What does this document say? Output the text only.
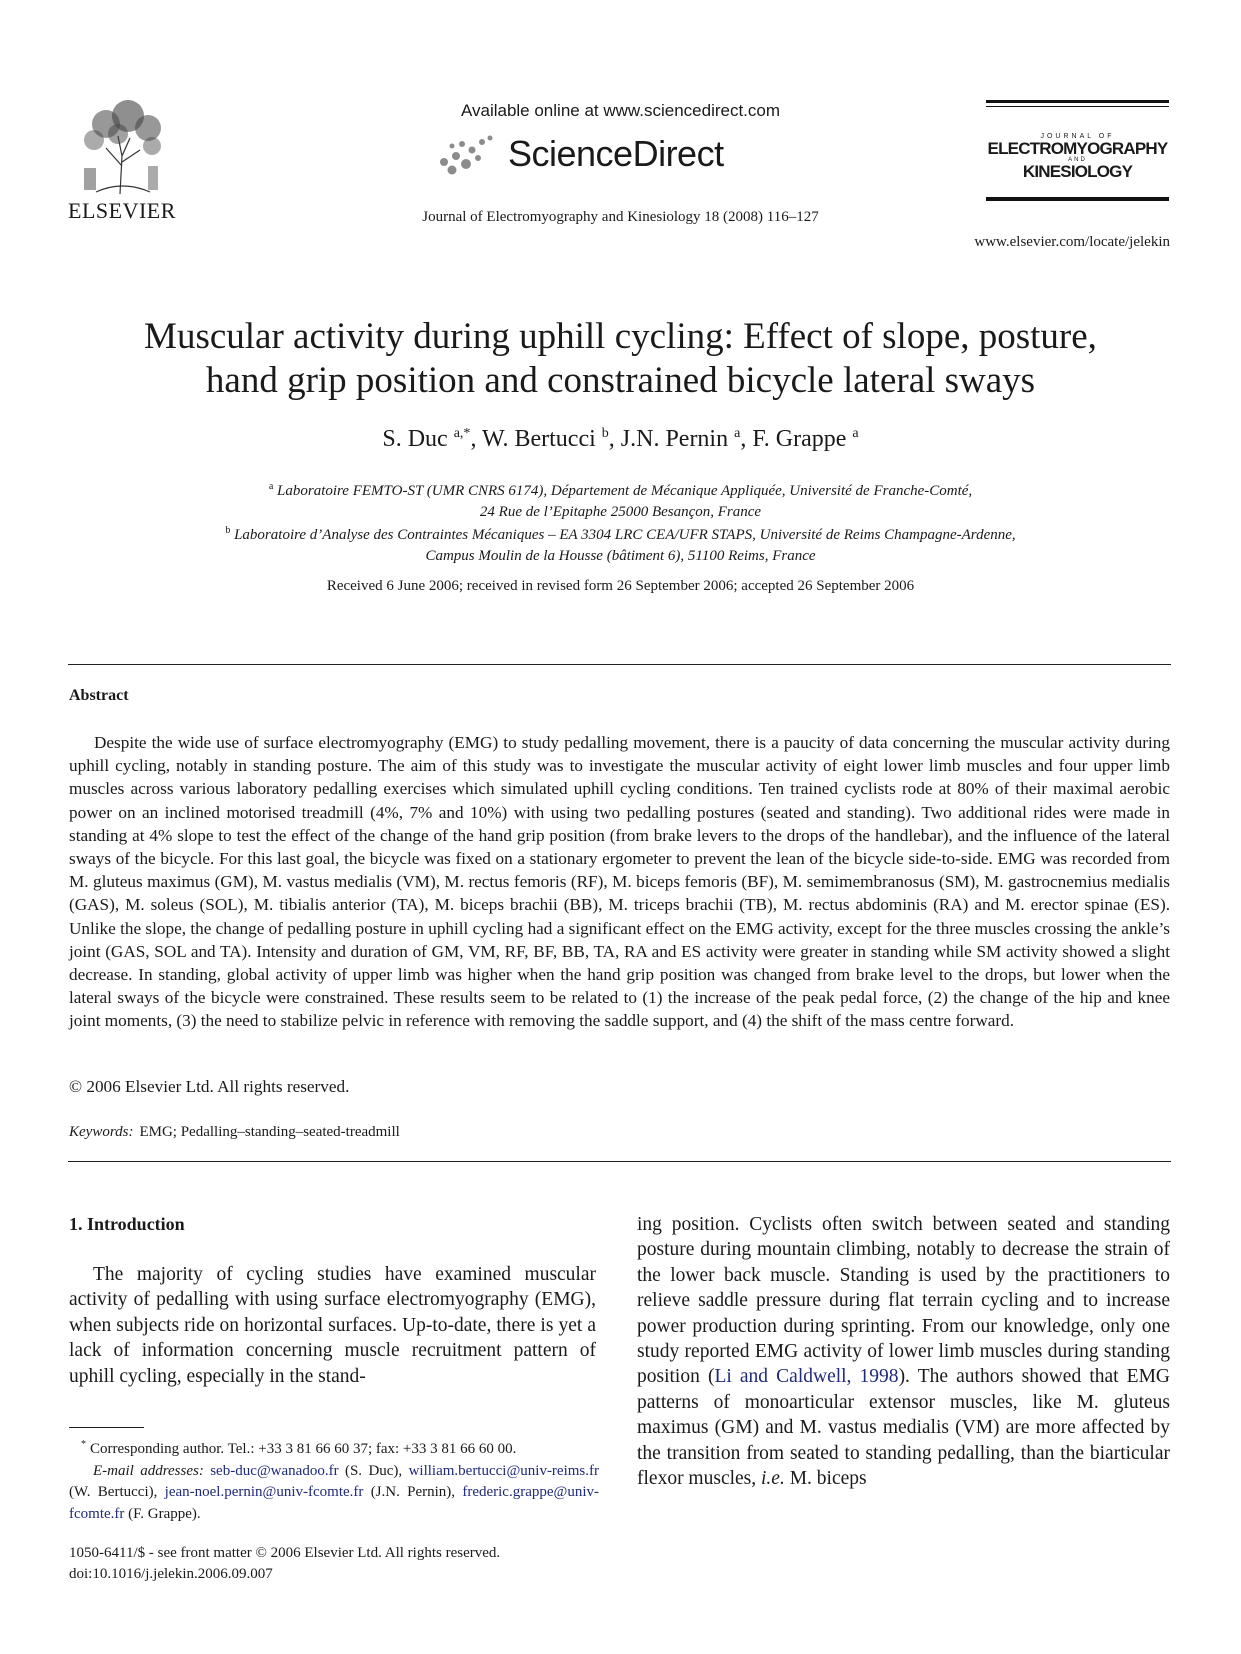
ELSEVIER
Available online at www.sciencedirect.com
ScienceDirect
Journal of Electromyography and Kinesiology 18 (2008) 116–127
JOURNAL OF
ELECTROMYOGRAPHY
AND
KINESIOLOGY
www.elsevier.com/locate/jelekin
Muscular activity during uphill cycling: Effect of slope, posture,
hand grip position and constrained bicycle lateral sways
S. Duc $^{a,*}$, W. Bertucci $^b$, J.N. Pernin $^a$, F. Grappe $^a$
$^a$ Laboratoire FEMTO-ST (UMR CNRS 6174), Département de Mécanique Appliquée, Université de Franche-Comté,
24 Rue de l’Epitaphe 25000 Besançon, France
$^b$ Laboratoire d’Analyse des Contraintes Mécaniques – EA 3304 LRC CEA/UFR STAPS, Université de Reims Champagne-Ardenne,
Campus Moulin de la Housse (bâtiment 6), 51100 Reims, France
Received 6 June 2006; received in revised form 26 September 2006; accepted 26 September 2006
Abstract
Despite the wide use of surface electromyography (EMG) to study pedalling movement, there is a paucity of data concerning the muscular activity during uphill cycling, notably in standing posture. The aim of this study was to investigate the muscular activity of eight lower limb muscles and four upper limb muscles across various laboratory pedalling exercises which simulated uphill cycling conditions. Ten trained cyclists rode at 80% of their maximal aerobic power on an inclined motorised treadmill (4%, 7% and 10%) with using two pedalling postures (seated and standing). Two additional rides were made in standing at 4% slope to test the effect of the change of the hand grip position (from brake levers to the drops of the handlebar), and the influence of the lateral sways of the bicycle. For this last goal, the bicycle was fixed on a stationary ergometer to prevent the lean of the bicycle side-to-side. EMG was recorded from M. gluteus maximus (GM), M. vastus medialis (VM), M. rectus femoris (RF), M. biceps femoris (BF), M. semimembranosus (SM), M. gastrocnemius medialis (GAS), M. soleus (SOL), M. tibialis anterior (TA), M. biceps brachii (BB), M. triceps brachii (TB), M. rectus abdominis (RA) and M. erector spinae (ES). Unlike the slope, the change of pedalling posture in uphill cycling had a significant effect on the EMG activity, except for the three muscles crossing the ankle’s joint (GAS, SOL and TA). Intensity and duration of GM, VM, RF, BF, BB, TA, RA and ES activity were greater in standing while SM activity showed a slight decrease. In standing, global activity of upper limb was higher when the hand grip position was changed from brake level to the drops, but lower when the lateral sways of the bicycle were constrained. These results seem to be related to (1) the increase of the peak pedal force, (2) the change of the hip and knee joint moments, (3) the need to stabilize pelvic in reference with removing the saddle support, and (4) the shift of the mass centre forward.
© 2006 Elsevier Ltd. All rights reserved.
Keywords: EMG; Pedalling–standing–seated-treadmill
1. Introduction
The majority of cycling studies have examined muscular activity of pedalling with using surface electromyography (EMG), when subjects ride on horizontal surfaces. Up-to-date, there is yet a lack of information concerning muscle recruitment pattern of uphill cycling, especially in the stand-
ing position. Cyclists often switch between seated and standing posture during mountain climbing, notably to decrease the strain of the lower back muscle. Standing is used by the practitioners to relieve saddle pressure during flat terrain cycling and to increase power production during sprinting. From our knowledge, only one study reported EMG activity of lower limb muscles during standing position (Li and Caldwell, 1998). The authors showed that EMG patterns of monoarticular extensor muscles, like M. gluteus maximus (GM) and M. vastus medialis (VM) are more affected by the transition from seated to standing pedalling, than the biarticular flexor muscles, i.e. M. biceps
* Corresponding author. Tel.: +33 3 81 66 60 37; fax: +33 3 81 66 60 00.
E-mail addresses: seb-duc@wanadoo.fr (S. Duc), william.bertucci@univ-reims.fr (W. Bertucci), jean-noel.pernin@univ-fcomte.fr (J.N. Pernin), frederic.grappe@univ-fcomte.fr (F. Grappe).
1050-6411/$ - see front matter © 2006 Elsevier Ltd. All rights reserved.
doi:10.1016/j.jelekin.2006.09.007
